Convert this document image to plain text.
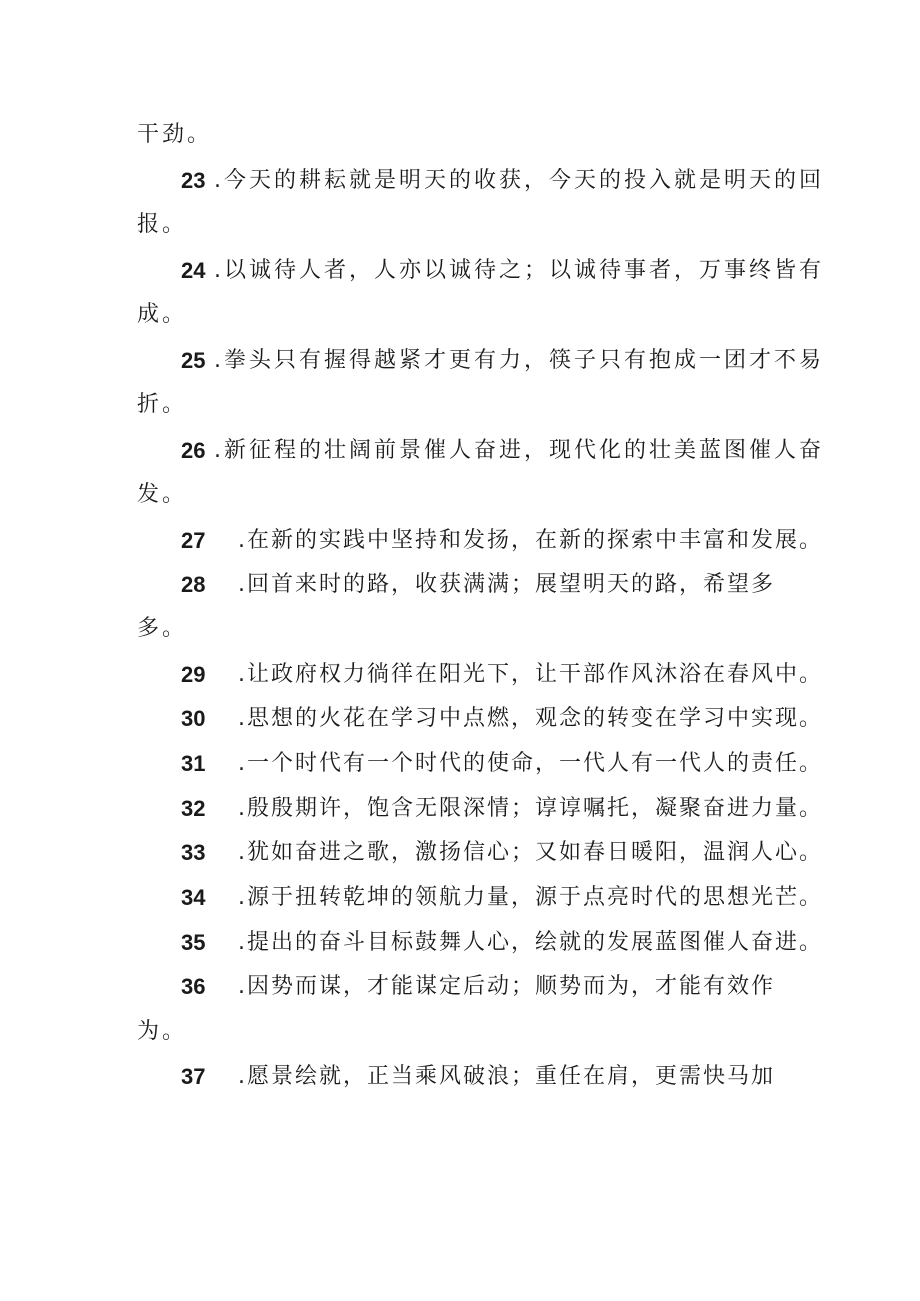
干劲。
23 .今天的耕耘就是明天的收获，今天的投入就是明天的回
报。
24 .以诚待人者，人亦以诚待之；以诚待事者，万事终皆有
成。
25 .拳头只有握得越紧才更有力，筷子只有抱成一团才不易
折。
26 .新征程的壮阔前景催人奋进，现代化的壮美蓝图催人奋
发。
27 .在新的实践中坚持和发扬，在新的探索中丰富和发展。
28 .回首来时的路，收获满满；展望明天的路，希望多
多。
29 .让政府权力徜徉在阳光下，让干部作风沐浴在春风中。
30 .思想的火花在学习中点燃，观念的转变在学习中实现。
31 .一个时代有一个时代的使命，一代人有一代人的责任。
32 .殷殷期许，饱含无限深情；谆谆嘱托，凝聚奋进力量。
33 .犹如奋进之歌，激扬信心；又如春日暖阳，温润人心。
34 .源于扭转乾坤的领航力量，源于点亮时代的思想光芒。
35 .提出的奋斗目标鼓舞人心，绘就的发展蓝图催人奋进。
36 .因势而谋，才能谋定后动；顺势而为，才能有效作
为。
37 .愿景绘就，正当乘风破浪；重任在肩，更需快马加
